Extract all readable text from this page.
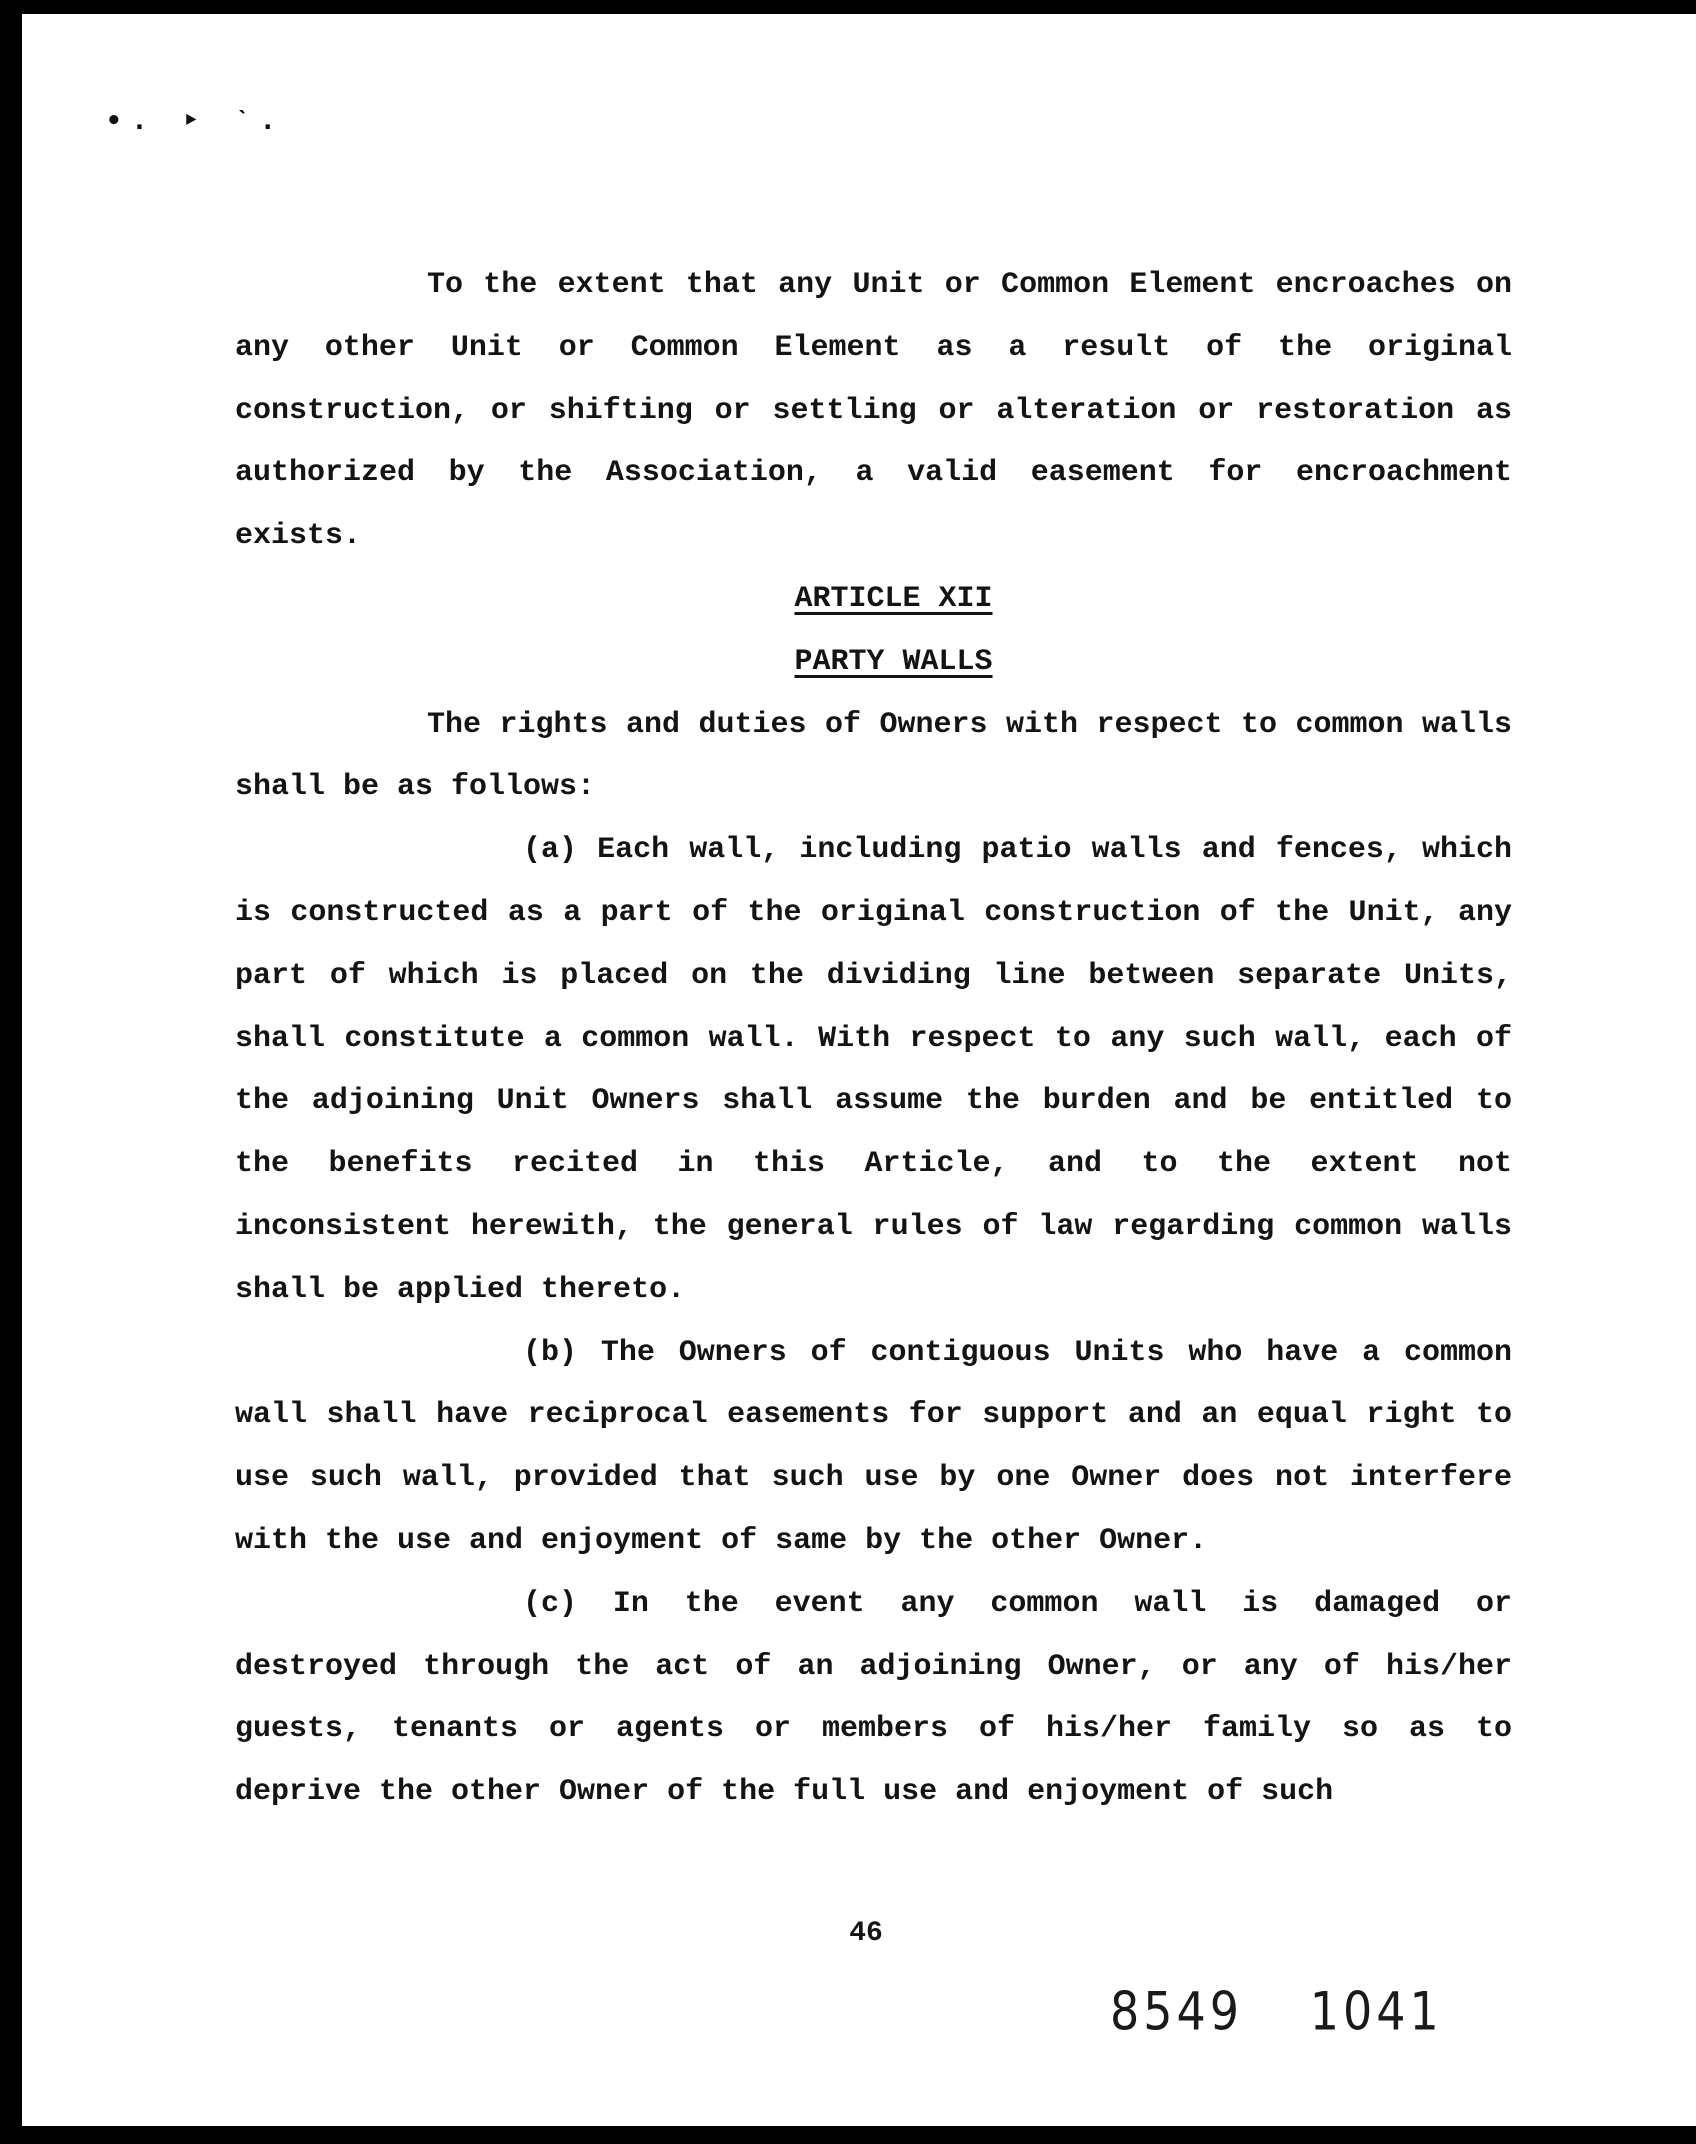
•. ‣ ˋ.

To the extent that any Unit or Common Element encroaches on any other Unit or Common Element as a result of the original construction, or shifting or settling or alteration or restoration as authorized by the Association, a valid easement for encroachment exists.

ARTICLE XII

PARTY WALLS

The rights and duties of Owners with respect to common walls shall be as follows:

(a) Each wall, including patio walls and fences, which is constructed as a part of the original construction of the Unit, any part of which is placed on the dividing line between separate Units, shall constitute a common wall. With respect to any such wall, each of the adjoining Unit Owners shall assume the burden and be entitled to the benefits recited in this Article, and to the extent not inconsistent herewith, the general rules of law regarding common walls shall be applied thereto.

(b) The Owners of contiguous Units who have a common wall shall have reciprocal easements for support and an equal right to use such wall, provided that such use by one Owner does not interfere with the use and enjoyment of same by the other Owner.

(c) In the event any common wall is damaged or destroyed through the act of an adjoining Owner, or any of his/her guests, tenants or agents or members of his/her family so as to deprive the other Owner of the full use and enjoyment of such

46
8549 1041
